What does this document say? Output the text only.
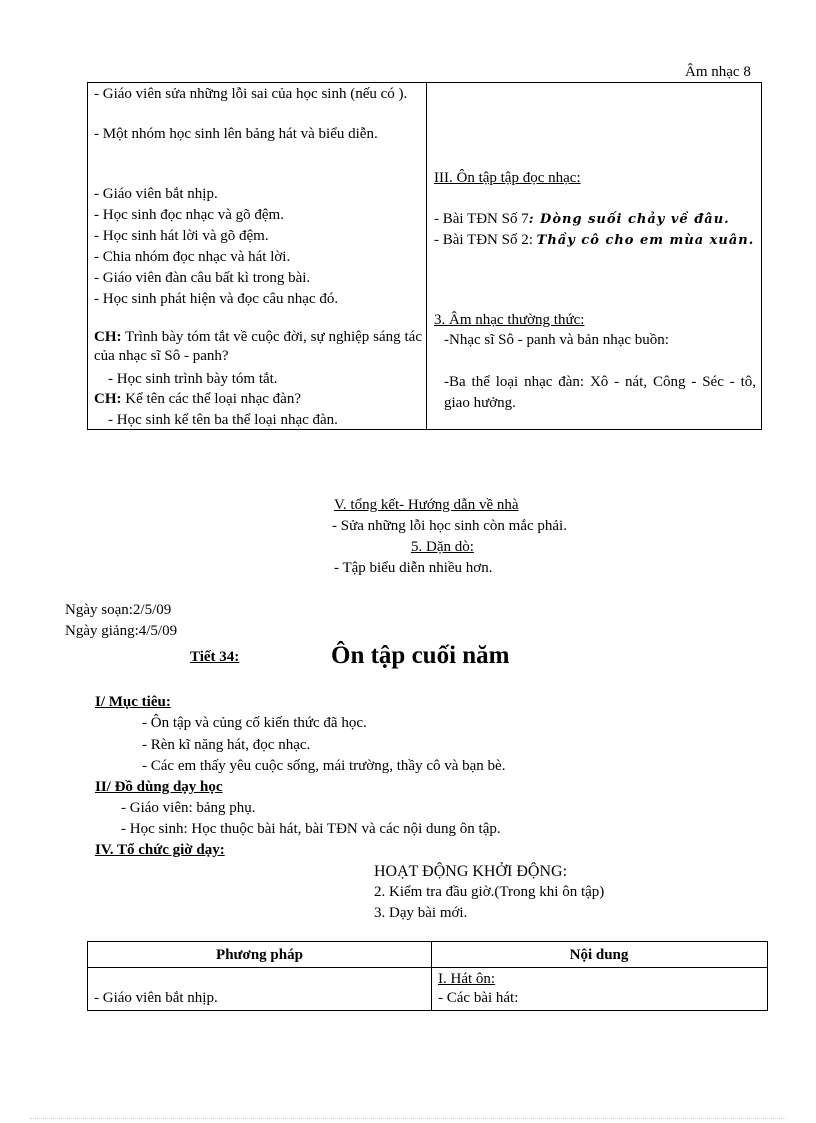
Âm nhạc 8
- Giáo viên sửa những lỗi sai của học sinh (nếu có ).
- Một nhóm học sinh lên bảng hát và biểu diễn.
- Giáo viên bắt nhịp.
- Học sinh đọc nhạc và gõ đệm.
- Học sinh hát lời và gõ đệm.
- Chia nhóm đọc nhạc và hát lời.
- Giáo viên đàn câu bất kì trong bài.
- Học sinh phát hiện và đọc câu nhạc đó.
CH: Trình bày tóm tắt về cuộc đời, sự nghiệp sáng tác của nhạc sĩ Sô - panh?
- Học sinh trình bày tóm tắt.
CH: Kể tên các thể loại nhạc đàn?
- Học sinh kể tên ba thể loại nhạc đàn.
III. Ôn tập tập đọc nhạc:
- Bài TĐN Số 7: Dòng suối chảy về đâu.
- Bài TĐN Số 2: Thầy cô cho em mùa xuân.
3. Âm nhạc thường thức:
-Nhạc sĩ Sô - panh và bản nhạc buồn:
-Ba thể loại nhạc đàn: Xô - nát, Công - Séc - tô, giao hưởng.
V. tổng kết- Hướng dẫn về nhà
- Sửa những lỗi học sinh còn mắc phải.
5. Dặn dò:
- Tập biểu diễn nhiều hơn.
Ngày soạn:2/5/09
Ngày giảng:4/5/09
Tiết 34:	Ôn tập cuối năm
I/ Mục tiêu:
- Ôn tập và củng cố kiến thức đã học.
- Rèn kĩ năng hát, đọc nhạc.
- Các em thấy yêu cuộc sống, mái trường, thầy cô và bạn bè.
II/ Đồ dùng dạy học
- Giáo viên: bảng phụ.
- Học sinh: Học thuộc bài hát, bài TĐN và các nội dung ôn tập.
IV. Tổ chức giờ dạy:
HOẠT ĐỘNG KHỞI ĐỘNG:
2. Kiểm tra đầu giờ.(Trong khi ôn tập)
3. Dạy bài mới.
Phương pháp	Nội dung
- Giáo viên bắt nhịp.
I. Hát ôn:
- Các bài hát:
